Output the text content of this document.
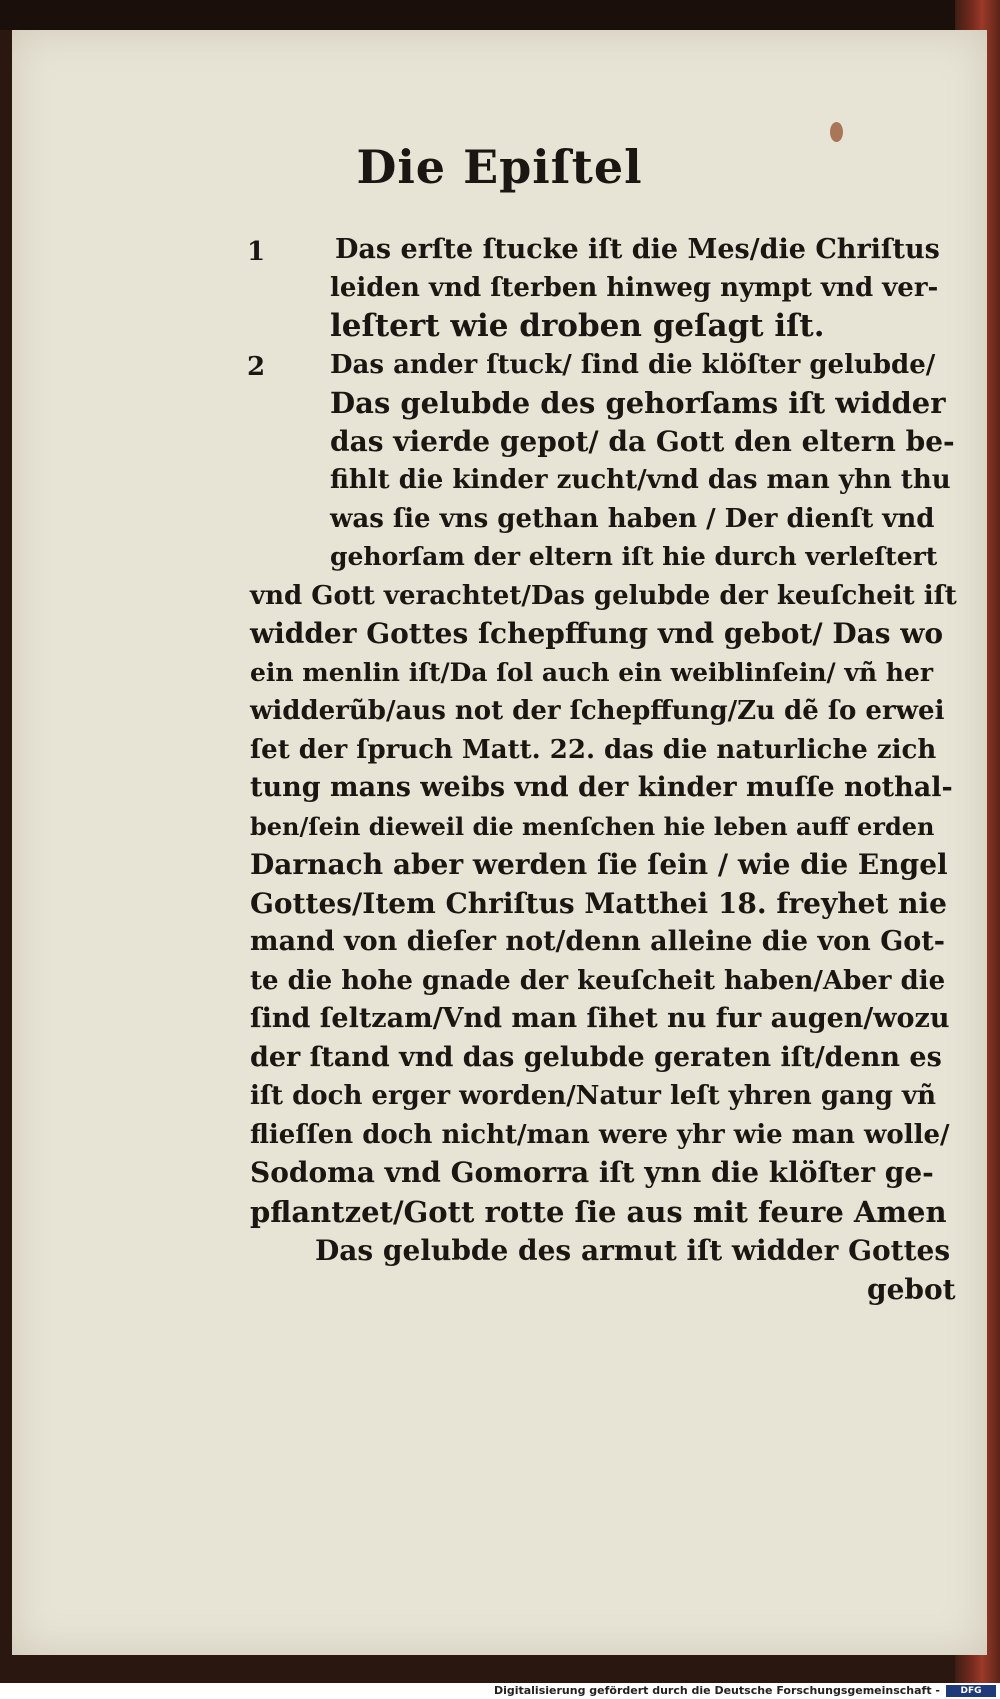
Die Epiſtel
1
2
Das erſte ſtucke iſt die Mes/die Chriſtus
leiden vnd ſterben hinweg nympt vnd ver-
leſtert wie droben geſagt iſt.
Das ander ſtuck/ ſind die klöſter gelubde/
Das gelubde des gehorſams iſt widder
das vierde gepot/ da Gott den eltern be-
fihlt die kinder zucht/vnd das man yhn thu
was ſie vns gethan haben / Der dienſt vnd
gehorſam der eltern iſt hie durch verleſtert
vnd Gott verachtet/Das gelubde der keuſcheit iſt
widder Gottes ſchepffung vnd gebot/ Das wo
ein menlin iſt/Da ſol auch ein weiblinſein/ vñ her
widderũb/aus not der ſchepffung/Zu dẽ ſo erwei
ſet der ſpruch Matt. 22. das die naturliche zich
tung mans weibs vnd der kinder muſſe nothal-
ben/ſein dieweil die menſchen hie leben auff erden
Darnach aber werden ſie ſein / wie die Engel
Gottes/Item Chriſtus Matthei 18. freyhet nie
mand von dieſer not/denn alleine die von Got-
te die hohe gnade der keuſcheit haben/Aber die
ſind ſeltzam/Vnd man ſihet nu fur augen/wozu
der ſtand vnd das gelubde geraten iſt/denn es
iſt doch erger worden/Natur leſt yhren gang vñ
flieſſen doch nicht/man were yhr wie man wolle/
Sodoma vnd Gomorra iſt ynn die klöſter ge-
pflantzet/Gott rotte ſie aus mit feure Amen
Das gelubde des armut iſt widder Gottes
gebot
Digitalisierung gefördert durch die Deutsche Forschungsgemeinschaft -	DFG
